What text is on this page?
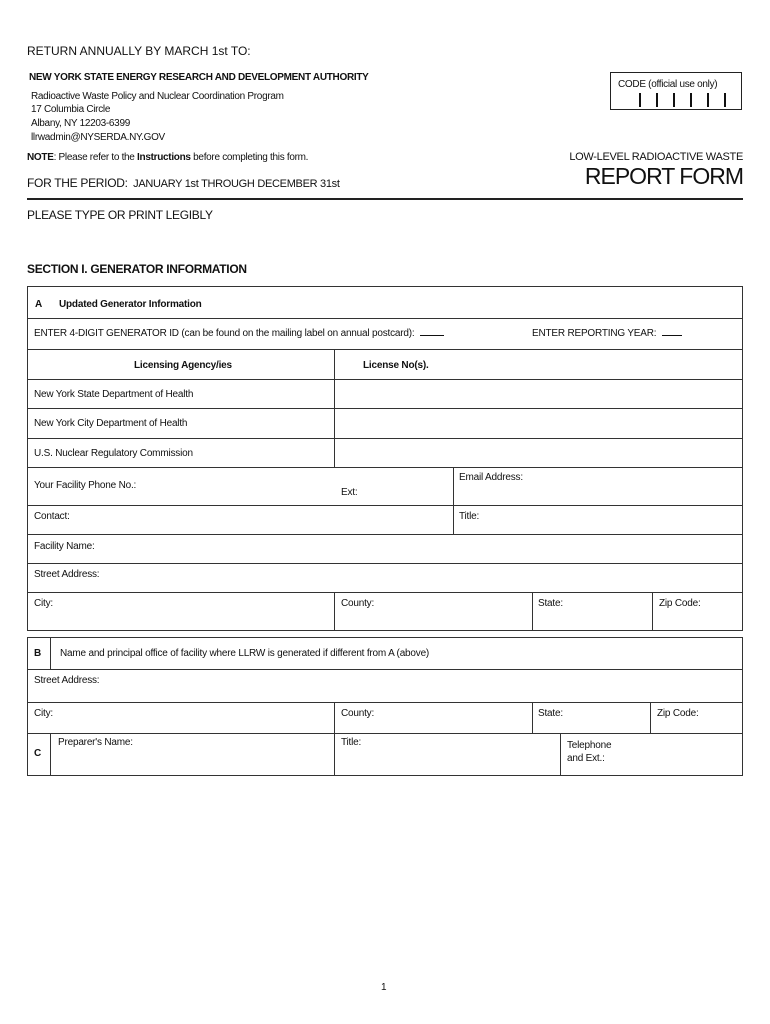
RETURN ANNUALLY BY MARCH 1st TO:
NEW YORK STATE ENERGY RESEARCH AND DEVELOPMENT AUTHORITY
Radioactive Waste Policy and Nuclear Coordination Program
17 Columbia Circle
Albany, NY 12203-6399
llrwadmin@NYSERDA.NY.GOV
NOTE: Please refer to the Instructions before completing this form.
FOR THE PERIOD: JANUARY 1st THROUGH DECEMBER 31st
CODE (official use only)
LOW-LEVEL RADIOACTIVE WASTE
REPORT FORM
PLEASE TYPE OR PRINT LEGIBLY
SECTION I. GENERATOR INFORMATION
A Updated Generator Information
ENTER 4-DIGIT GENERATOR ID (can be found on the mailing label on annual postcard):	ENTER REPORTING YEAR:
Licensing Agency/ies	License No(s).
New York State Department of Health
New York City Department of Health
U.S. Nuclear Regulatory Commission
Your Facility Phone No.:
Ext:
Email Address:
Contact:	Title:
Facility Name:
Street Address:
City:	County:	State:	Zip Code:
B Name and principal office of facility where LLRW is generated if different from A (above)
Street Address:
City:	County:	State:	Zip Code:
C
Preparer's Name:	Title:	Telephone
and Ext.:
1
